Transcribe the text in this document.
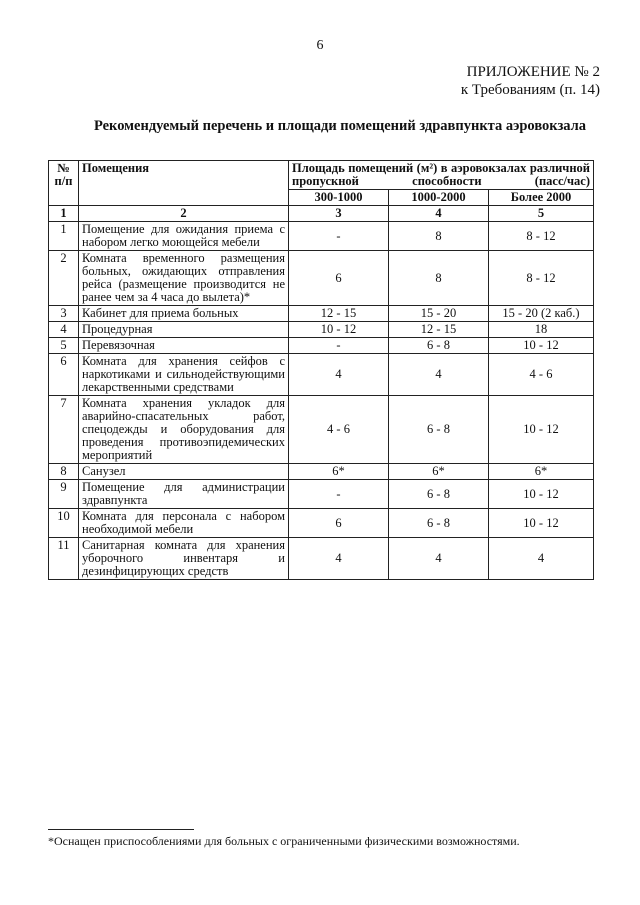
6
ПРИЛОЖЕНИЕ № 2
к Требованиям (п. 14)
Рекомендуемый перечень и площади помещений здравпункта аэровокзала
№ п/п	Помещения	Площадь помещений (м²) в аэровокзалах различной пропускной способности (пасс/час)		
		300-1000	1000-2000	Более 2000
1	2	3	4	5
1	Помещение для ожидания приема с набором легко моющейся мебели	-	8	8 - 12
2	Комната временного размещения больных, ожидающих отправления рейса (размещение производится не ранее чем за 4 часа до вылета)*	6	8	8 - 12
3	Кабинет для приема больных	12 - 15	15 - 20	15 - 20 (2 каб.)
4	Процедурная	10 - 12	12 - 15	18
5	Перевязочная	-	6 - 8	10 - 12
6	Комната для хранения сейфов с наркотиками и сильнодействующими лекарственными средствами	4	4	4 - 6
7	Комната хранения укладок для аварийно-спасательных работ, спецодежды и оборудования для проведения противоэпидемических мероприятий	4 - 6	6 - 8	10 - 12
8	Санузел	6*	6*	6*
9	Помещение для администрации здравпункта	-	6 - 8	10 - 12
10	Комната для персонала с набором необходимой мебели	6	6 - 8	10 - 12
11	Санитарная комната для хранения уборочного инвентаря и дезинфицирующих средств	4	4	4
*Оснащен приспособлениями для больных с ограниченными физическими возможностями.
